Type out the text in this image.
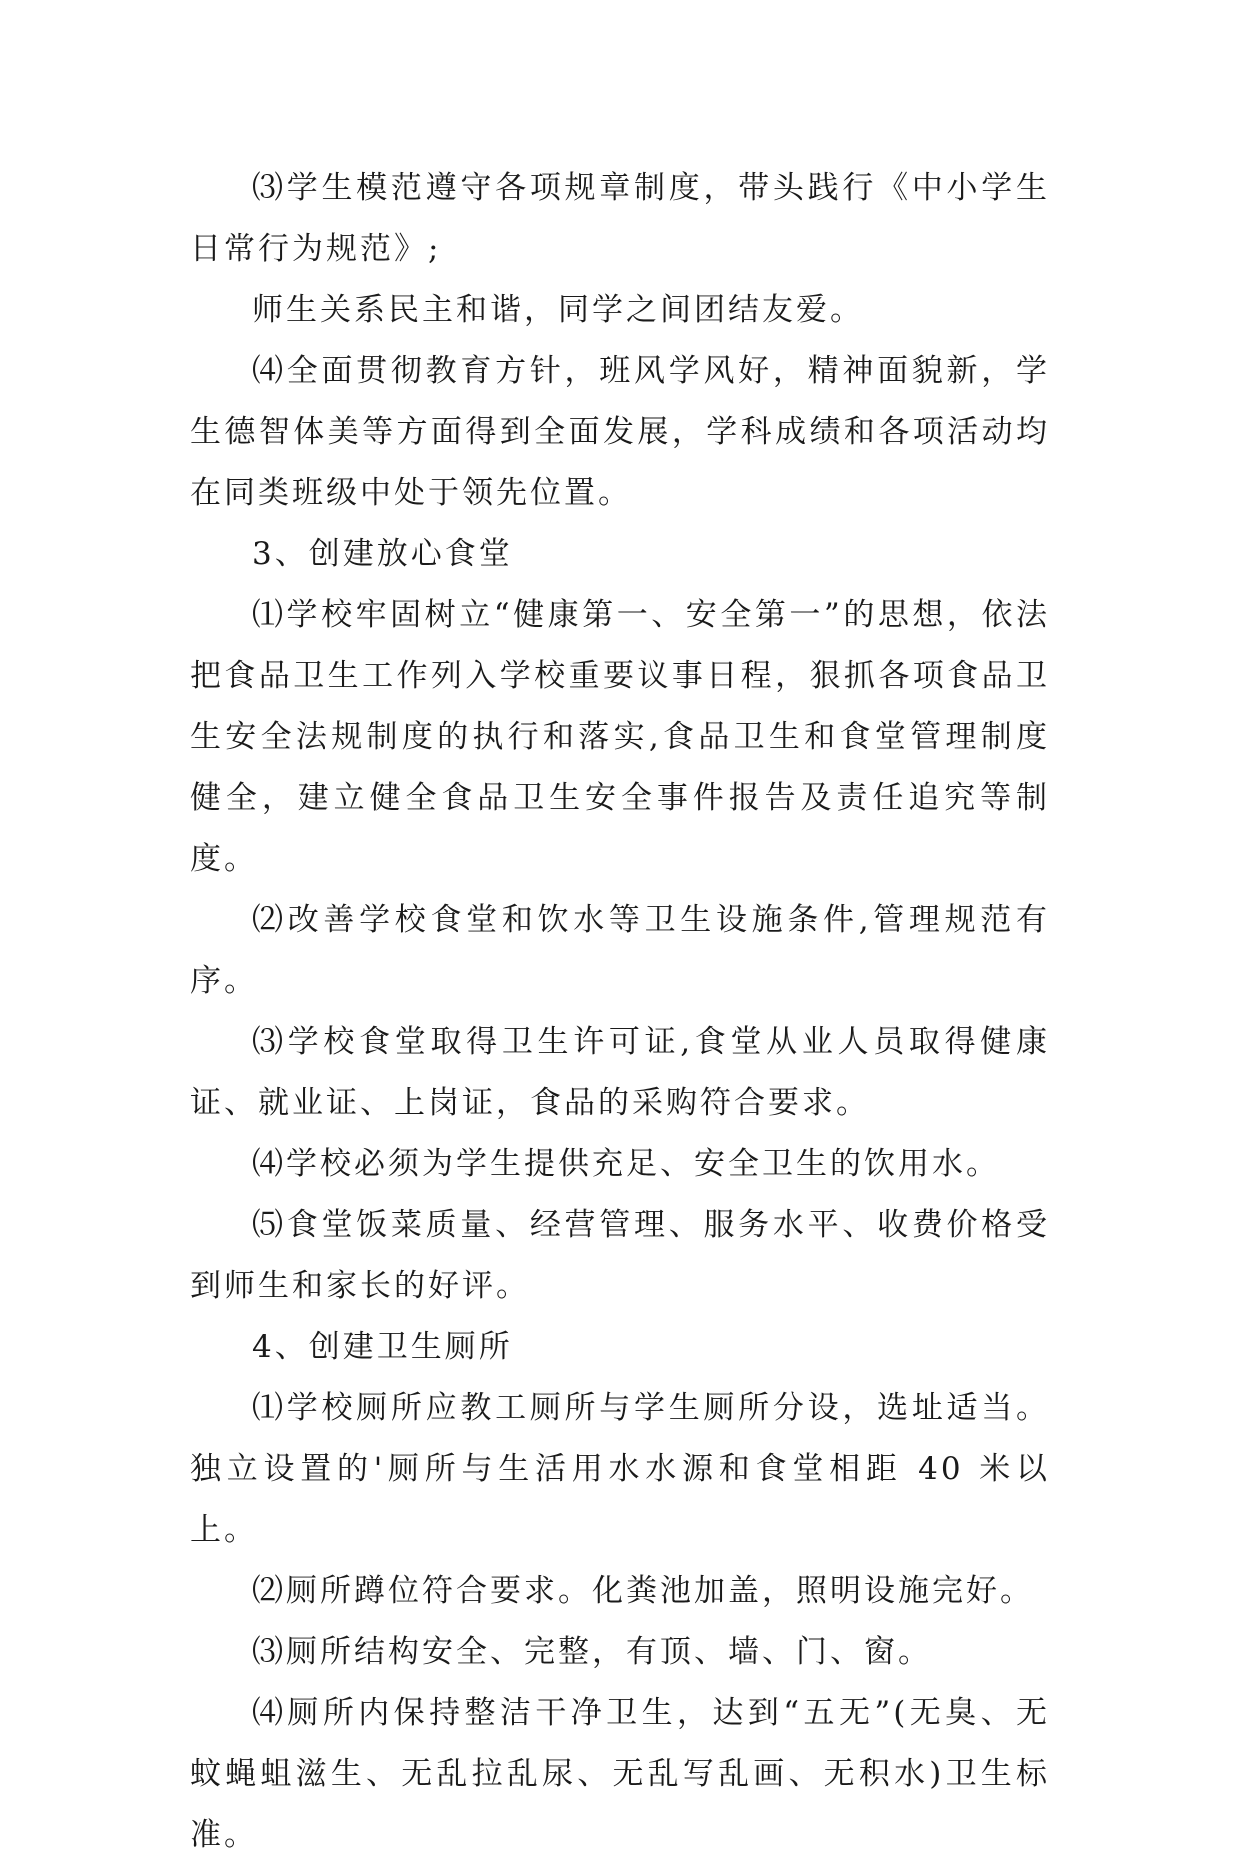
⑶学生模范遵守各项规章制度，带头践行《中小学生日常行为规范》;

师生关系民主和谐，同学之间团结友爱。

⑷全面贯彻教育方针，班风学风好，精神面貌新，学生德智体美等方面得到全面发展，学科成绩和各项活动均在同类班级中处于领先位置。

3、创建放心食堂

⑴学校牢固树立“健康第一、安全第一”的思想，依法把食品卫生工作列入学校重要议事日程，狠抓各项食品卫生安全法规制度的执行和落实,食品卫生和食堂管理制度健全，建立健全食品卫生安全事件报告及责任追究等制度。

⑵改善学校食堂和饮水等卫生设施条件,管理规范有序。

⑶学校食堂取得卫生许可证,食堂从业人员取得健康证、就业证、上岗证，食品的采购符合要求。

⑷学校必须为学生提供充足、安全卫生的饮用水。

⑸食堂饭菜质量、经营管理、服务水平、收费价格受到师生和家长的好评。

4、创建卫生厕所

⑴学校厕所应教工厕所与学生厕所分设，选址适当。独立设置的'厕所与生活用水水源和食堂相距 40 米以上。

⑵厕所蹲位符合要求。化粪池加盖，照明设施完好。

⑶厕所结构安全、完整，有顶、墙、门、窗。

⑷厕所内保持整洁干净卫生，达到“五无”(无臭、无蚊蝇蛆滋生、无乱拉乱尿、无乱写乱画、无积水)卫生标准。
